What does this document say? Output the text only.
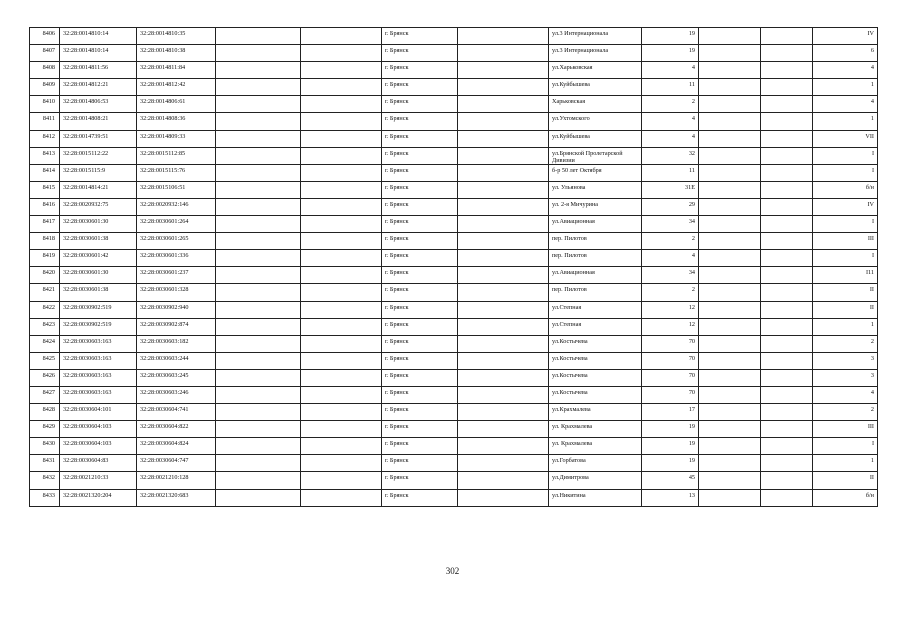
8406	32:28:0014810:14	32:28:0014810:35			г. Брянск		ул.3 Интернационала	19			IV
8407	32:28:0014810:14	32:28:0014810:38			г. Брянск		ул.3 Интернационала	19			6
8408	32:28:0014811:56	32:28:0014811:84			г. Брянск		ул.Харьковская	4			4
8409	32:28:0014812:21	32:28:0014812:42			г. Брянск		ул.Куйбышева	11			1
8410	32:28:0014806:53	32:28:0014806:61			г. Брянск		Харьковская	2			4
8411	32:28:0014808:21	32:28:0014808:36			г. Брянск		ул.Ухтомского	4			1
8412	32:28:0014739:51	32:28:0014809:33			г. Брянск		ул.Куйбышева	4			VII
8413	32:28:0015112:22	32:28:0015112:85			г. Брянск		ул.Брянской Пролетарской Дивизии	32			I
8414	32:28:0015115:9	32:28:0015115:76			г. Брянск		б-р 50 лет Октября	11			I
8415	32:28:0014814:21	32:28:0015106:51			г. Брянск		ул. Ульянова	31Е			б/н
8416	32:28:0020932:75	32:28:0020932:146			г. Брянск		ул. 2-я Мичурина	29			IV
8417	32:28:0030601:30	32:28:0030601:264			г. Брянск		ул.Авиационная	34			I
8418	32:28:0030601:38	32:28:0030601:265			г. Брянск		пер. Пилотов	2			III
8419	32:28:0030601:42	32:28:0030601:336			г. Брянск		пер. Пилотов	4			I
8420	32:28:0030601:30	32:28:0030601:237			г. Брянск		ул.Авиационная	34			I11
8421	32:28:0030601:38	32:28:0030601:328			г. Брянск		пер. Пилотов	2			II
8422	32:28:0030902:519	32:28:0030902:940			г. Брянск		ул.Степная	12			II
8423	32:28:0030902:519	32:28:0030902:874			г. Брянск		ул.Степная	12			1
8424	32:28:0030603:163	32:28:0030603:182			г. Брянск		ул.Костычева	70			2
8425	32:28:0030603:163	32:28:0030603:244			г. Брянск		ул.Костычева	70			3
8426	32:28:0030603:163	32:28:0030603:245			г. Брянск		ул.Костычева	70			3
8427	32:28:0030603:163	32:28:0030603:246			г. Брянск		ул.Костычева	70			4
8428	32:28:0030604:101	32:28:0030604:741			г. Брянск		ул.Крахмалева	17			2
8429	32:28:0030604:103	32:28:0030604:822			г. Брянск		ул. Крахмалева	19			III
8430	32:28:0030604:103	32:28:0030604:824			г. Брянск		ул. Крахмалева	19			I
8431	32:28:0030604:83	32:28:0030604:747			г. Брянск		ул.Горбатова	19			1
8432	32:28:0021210:33	32:28:0021210:128			г. Брянск		ул.Димитрова	45			II
8433	32:28:0021320:204	32:28:0021320:683			г. Брянск		ул.Никитина	13			б/н
302
